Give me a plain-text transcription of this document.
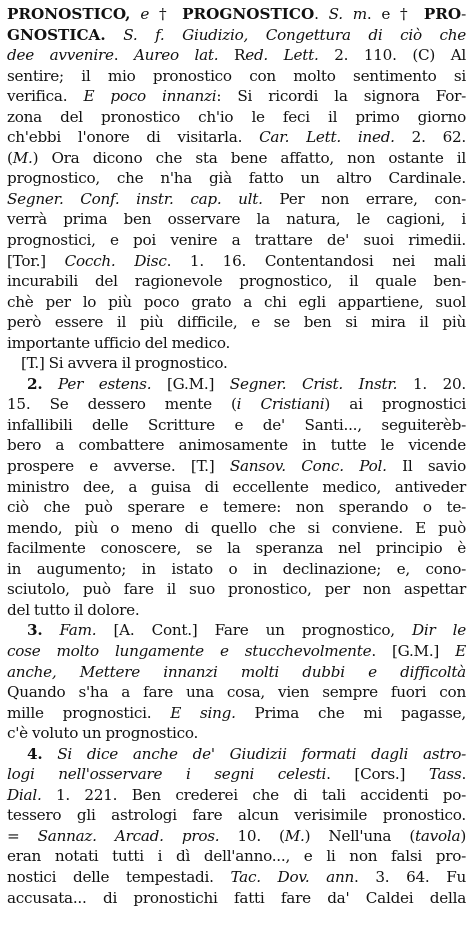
PRONOSTICO, e † PROGNOSTICO. S. m. e † PRO-

GNOSTICA. S. f. Giudizio, Congettura di ciò che

dee avvenire. Aureo lat. Red. Lett. 2. 110. (C) Al

sentire; il mio pronostico con molto sentimento si

verifica. E poco innanzi: Si ricordi la signora For-

zona del pronostico ch'io le feci il primo giorno

ch'ebbi l'onore di visitarla. Car. Lett. ined. 2. 62.

(M.) Ora dicono che sta bene affatto, non ostante il

prognostico, che n'ha già fatto un altro Cardinale.

Segner. Conf. instr. cap. ult. Per non errare, con-

verrà prima ben osservare la natura, le cagioni, i

prognostici, e poi venire a trattare de' suoi rimedii.

[Tor.] Cocch. Disc. 1. 16. Contentandosi nei mali

incurabili del ragionevole prognostico, il quale ben-

chè per lo più poco grato a chi egli appartiene, suol

però essere il più difficile, e se ben si mira il più

importante ufficio del medico.

[T.] Si avvera il prognostico.

2. Per estens. [G.M.] Segner. Crist. Instr. 1. 20.

15. Se dessero mente (i Cristiani) ai prognostici

infallibili delle Scritture e de' Santi..., seguiterèb-

bero a combattere animosamente in tutte le vicende

prospere e avverse. [T.] Sansov. Conc. Pol. Il savio

ministro dee, a guisa di eccellente medico, antiveder

ciò che può sperare e temere: non sperando o te-

mendo, più o meno di quello che si conviene. E può

facilmente conoscere, se la speranza nel principio è

in augumento; in istato o in declinazione; e, cono-

sciutolo, può fare il suo pronostico, per non aspettar

del tutto il dolore.

3. Fam. [A. Cont.] Fare un prognostico, Dir le

cose molto lungamente e stucchevolmente. [G.M.] E

anche, Mettere innanzi molti dubbi e difficoltà

Quando s'ha a fare una cosa, vien sempre fuori con

mille prognostici. E sing. Prima che mi pagasse,

c'è voluto un prognostico.

4. Si dice anche de' Giudizii formati dagli astro-

logi nell'osservare i segni celesti. [Cors.] Tass.

Dial. 1. 221. Ben crederei che di tali accidenti po-

tessero gli astrologi fare alcun verisimile pronostico.

= Sannaz. Arcad. pros. 10. (M.) Nell'una (tavola)

eran notati tutti i dì dell'anno..., e li non falsi pro-

nostici delle tempestadi. Tac. Dov. ann. 3. 64. Fu

accusata... di pronostichi fatti fare da' Caldei della
